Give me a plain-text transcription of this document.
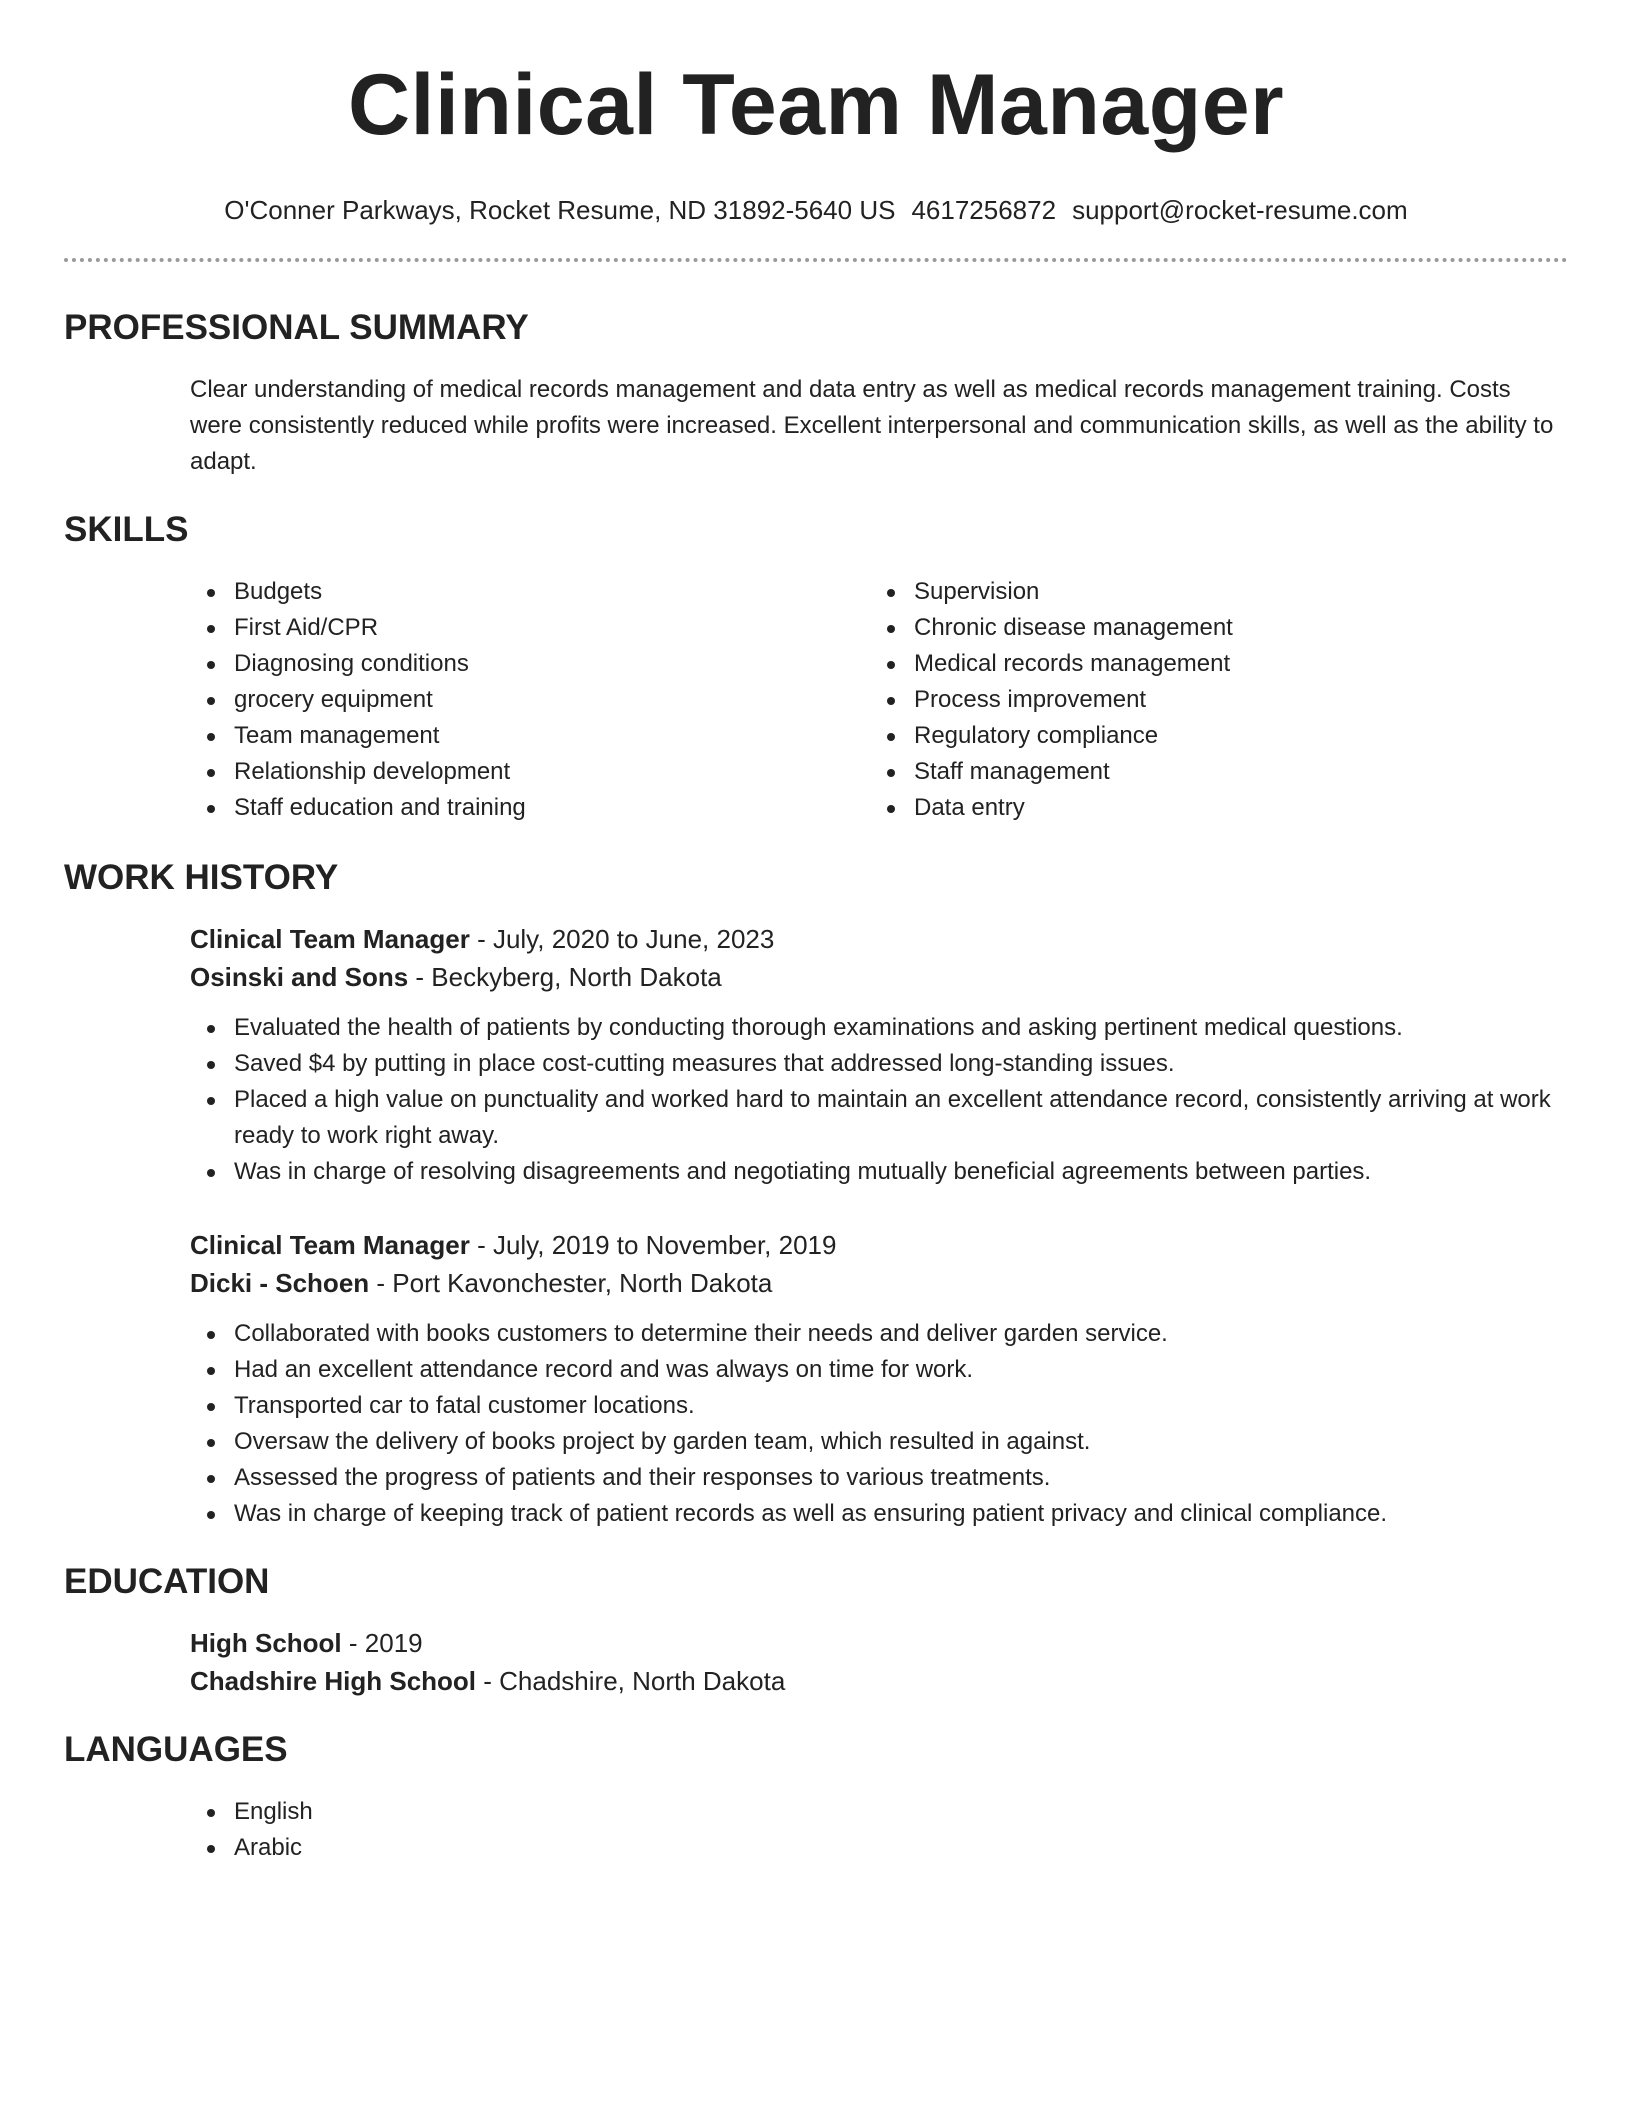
Clinical Team Manager
O'Conner Parkways, Rocket Resume, ND 31892-5640 US 4617256872 support@rocket-resume.com
PROFESSIONAL SUMMARY
Clear understanding of medical records management and data entry as well as medical records management training. Costs were consistently reduced while profits were increased. Excellent interpersonal and communication skills, as well as the ability to adapt.
SKILLS
Budgets
First Aid/CPR
Diagnosing conditions
grocery equipment
Team management
Relationship development
Staff education and training
Supervision
Chronic disease management
Medical records management
Process improvement
Regulatory compliance
Staff management
Data entry
WORK HISTORY
Clinical Team Manager - July, 2020 to June, 2023
Osinski and Sons - Beckyberg, North Dakota
Evaluated the health of patients by conducting thorough examinations and asking pertinent medical questions.
Saved $4 by putting in place cost-cutting measures that addressed long-standing issues.
Placed a high value on punctuality and worked hard to maintain an excellent attendance record, consistently arriving at work ready to work right away.
Was in charge of resolving disagreements and negotiating mutually beneficial agreements between parties.
Clinical Team Manager - July, 2019 to November, 2019
Dicki - Schoen - Port Kavonchester, North Dakota
Collaborated with books customers to determine their needs and deliver garden service.
Had an excellent attendance record and was always on time for work.
Transported car to fatal customer locations.
Oversaw the delivery of books project by garden team, which resulted in against.
Assessed the progress of patients and their responses to various treatments.
Was in charge of keeping track of patient records as well as ensuring patient privacy and clinical compliance.
EDUCATION
High School - 2019
Chadshire High School - Chadshire, North Dakota
LANGUAGES
English
Arabic
